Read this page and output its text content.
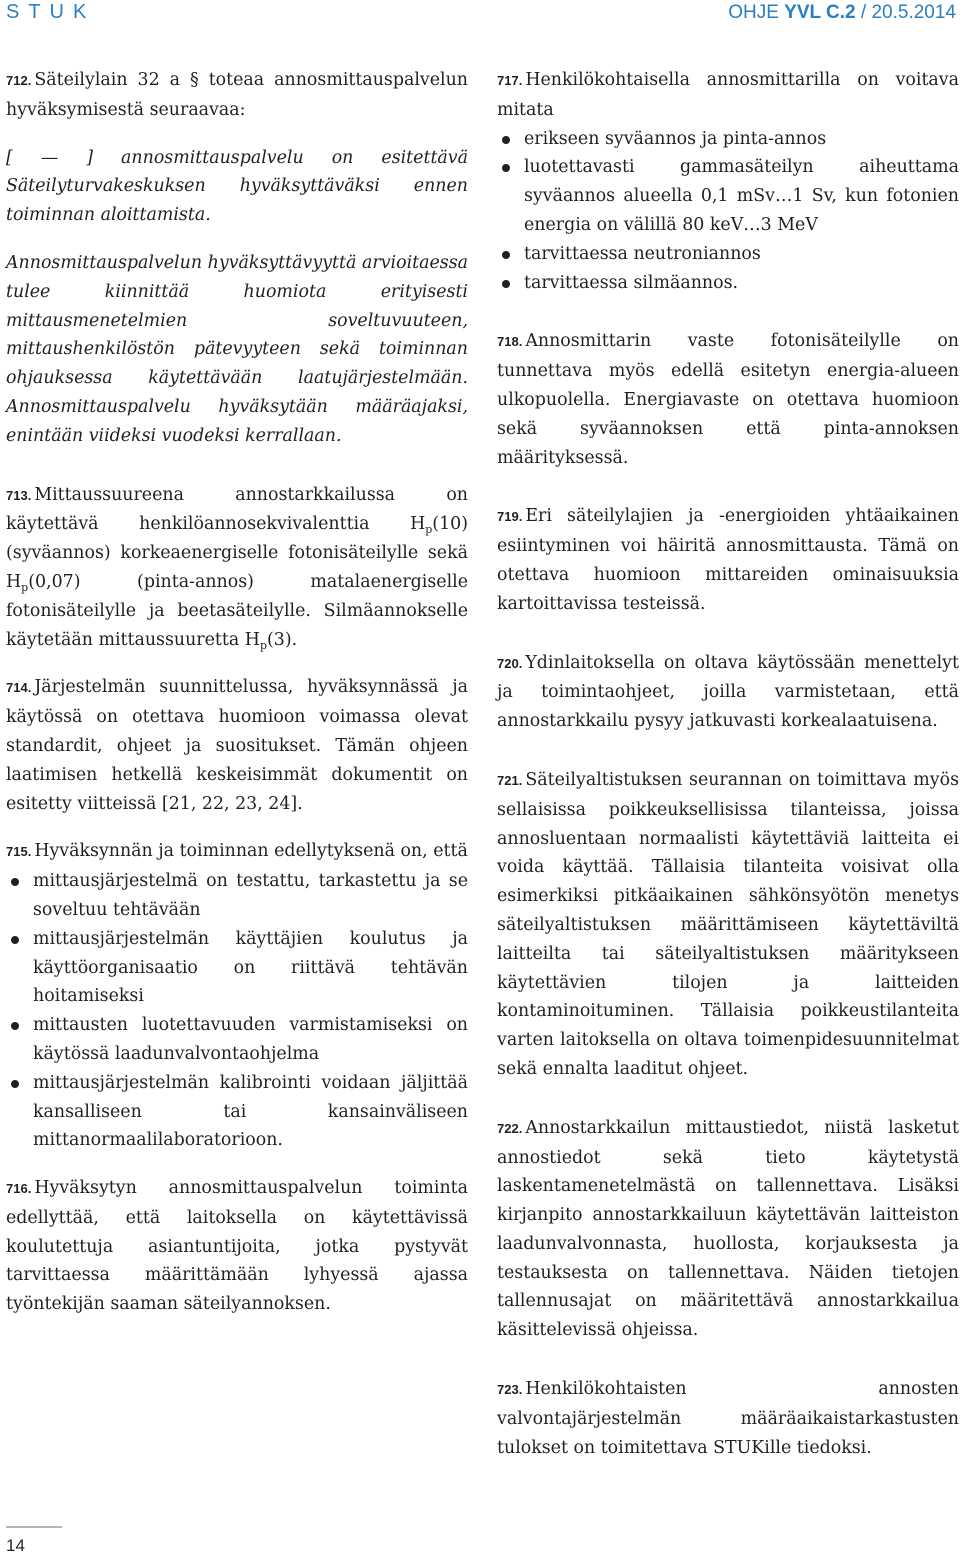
STUK	OHJE YVL C.2 / 20.5.2014

712. Säteilylain 32 a § toteaa annosmittauspalvelun hyväksymisestä seuraavaa:

[ — ] annosmittauspalvelu on esitettävä Säteilyturvakeskuksen hyväksyttäväksi ennen toiminnan aloittamista.

Annosmittauspalvelun hyväksyttävyyttä arvioitaessa tulee kiinnittää huomiota erityisesti mittausmenetelmien soveltuvuuteen, mittaushenkilöstön pätevyyteen sekä toiminnan ohjauksessa käytettävään laatujärjestelmään. Annosmittauspalvelu hyväksytään määräajaksi, enintään viideksi vuodeksi kerrallaan.

713. Mittaussuureena annostarkkailussa on käytettävä henkilöannosekvivalenttia $H_p(10)$ (syväannos) korkeaenergiselle fotonisäteilylle sekä $H_p(0,07)$ (pinta-annos) matalaenergiselle fotonisäteilylle ja beetasäteilylle. Silmäannokselle käytetään mittaussuuretta $H_p(3)$.

714. Järjestelmän suunnittelussa, hyväksynnässä ja käytössä on otettava huomioon voimassa olevat standardit, ohjeet ja suositukset. Tämän ohjeen laatimisen hetkellä keskeisimmät dokumentit on esitetty viitteissä [21, 22, 23, 24].

715. Hyväksynnän ja toiminnan edellytyksenä on, että

mittausjärjestelmä on testattu, tarkastettu ja se soveltuu tehtävään
mittausjärjestelmän käyttäjien koulutus ja käyttöorganisaatio on riittävä tehtävän hoitamiseksi
mittausten luotettavuuden varmistamiseksi on käytössä laadunvalvontaohjelma
mittausjärjestelmän kalibrointi voidaan jäljittää kansalliseen tai kansainväliseen mittanormaalilaboratorioon.

716. Hyväksytyn annosmittauspalvelun toiminta edellyttää, että laitoksella on käytettävissä koulutettuja asiantuntijoita, jotka pystyvät tarvittaessa määrittämään lyhyessä ajassa työntekijän saaman säteilyannoksen.

717. Henkilökohtaisella annosmittarilla on voitava mitata

erikseen syväannos ja pinta-annos
luotettavasti gammasäteilyn aiheuttama syväannos alueella 0,1 mSv…1 Sv, kun fotonien energia on välillä 80 keV…3 MeV
tarvittaessa neutroniannos
tarvittaessa silmäannos.

718. Annosmittarin vaste fotonisäteilylle on tunnettava myös edellä esitetyn energia-alueen ulkopuolella. Energiavaste on otettava huomioon sekä syväannoksen että pinta-annoksen määrityksessä.

719. Eri säteilylajien ja -energioiden yhtäaikainen esiintyminen voi häiritä annosmittausta. Tämä on otettava huomioon mittareiden ominaisuuksia kartoittavissa testeissä.

720. Ydinlaitoksella on oltava käytössään menettelyt ja toimintaohjeet, joilla varmistetaan, että annostarkkailu pysyy jatkuvasti korkealaatuisena.

721. Säteilyaltistuksen seurannan on toimittava myös sellaisissa poikkeuksellisissa tilanteissa, joissa annosluentaan normaalisti käytettäviä laitteita ei voida käyttää. Tällaisia tilanteita voisivat olla esimerkiksi pitkäaikainen sähkönsyötön menetys säteilyaltistuksen määrittämiseen käytettäviltä laitteilta tai säteilyaltistuksen määritykseen käytettävien tilojen ja laitteiden kontaminoituminen. Tällaisia poikkeustilanteita varten laitoksella on oltava toimenpidesuunnitelmat sekä ennalta laaditut ohjeet.

722. Annostarkkailun mittaustiedot, niistä lasketut annostiedot sekä tieto käytetystä laskentamenetelmästä on tallennettava. Lisäksi kirjanpito annostarkkailuun käytettävän laitteiston laadunvalvonnasta, huollosta, korjauksesta ja testauksesta on tallennettava. Näiden tietojen tallennusajat on määritettävä annostarkkailua käsittelevissä ohjeissa.

723. Henkilökohtaisten annosten valvontajärjestelmän määräaikaistarkastusten tulokset on toimitettava STUKille tiedoksi.

14
